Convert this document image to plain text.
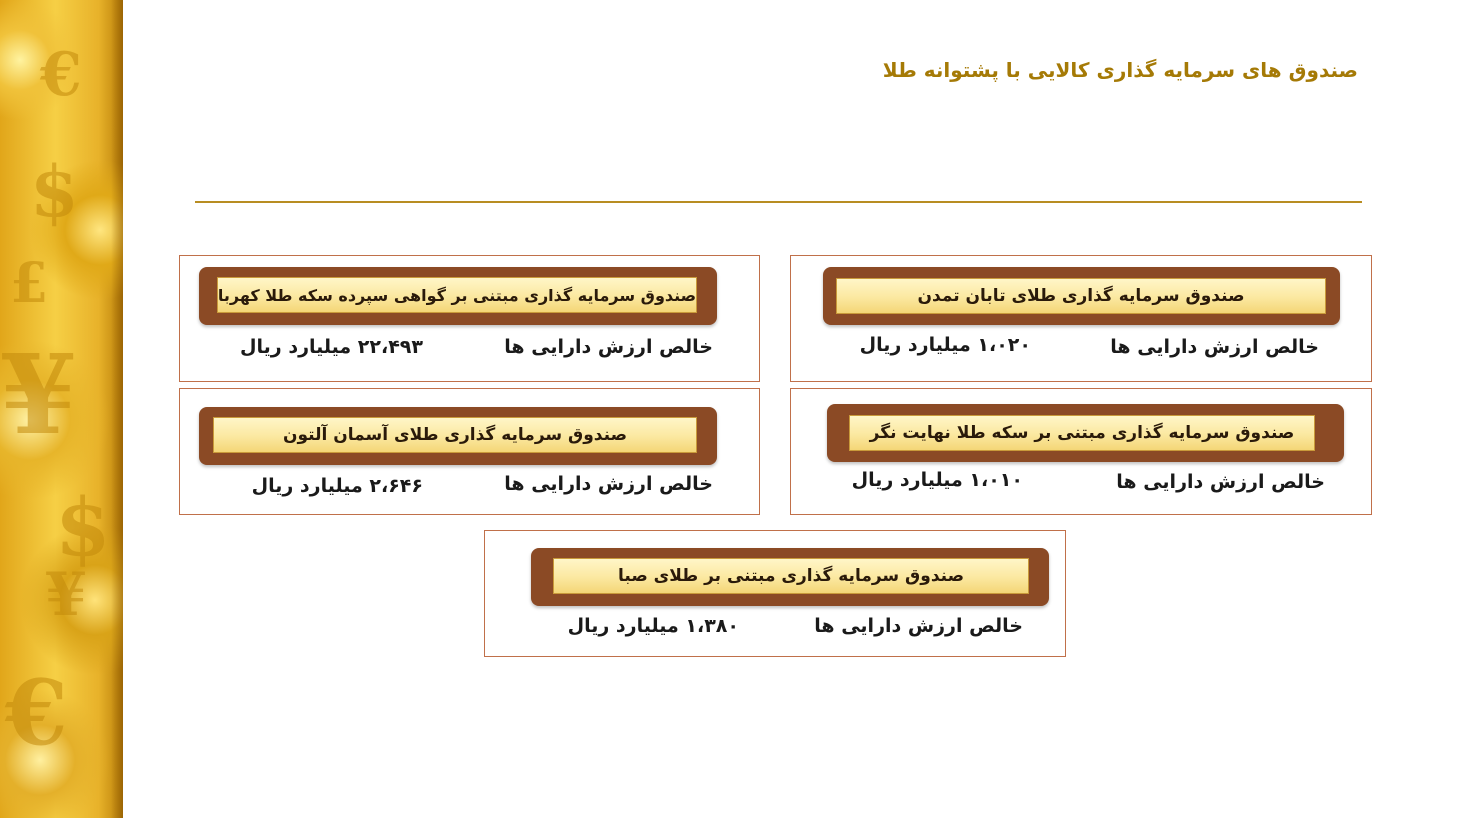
$
¥
€
£
$
¥
€
صندوق های سرمایه گذاری کالایی با پشتوانه طلا
صندوق سرمایه گذاری طلای تابان تمدن
خالص ارزش دارایی ها
۱،۰۲۰ میلیارد ریال
صندوق سرمایه گذاری مبتنی بر گواهی سپرده سکه طلا کهربا
خالص ارزش دارایی ها
۲۲،۴۹۳ میلیارد ریال
صندوق سرمایه گذاری مبتنی بر سکه طلا نهایت نگر
خالص ارزش دارایی ها
۱،۰۱۰ میلیارد ریال
صندوق سرمایه گذاری طلای آسمان آلتون
خالص ارزش دارایی ها
۲،۶۴۶ میلیارد ریال
صندوق سرمایه گذاری مبتنی بر طلای صبا
خالص ارزش دارایی ها
۱،۳۸۰ میلیارد ریال
